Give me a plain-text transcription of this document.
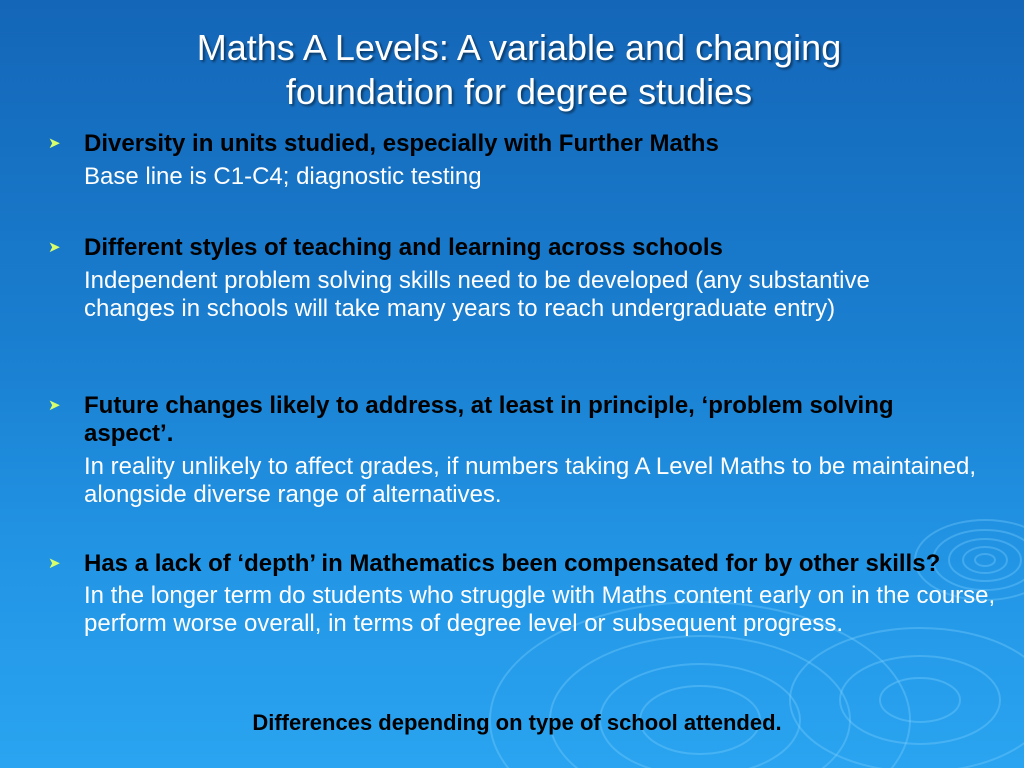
Maths A Levels: A variable and changing
foundation for degree studies
➤ Diversity in units studied, especially with Further Maths
Base line is C1-C4; diagnostic testing
➤ Different styles of teaching and learning across schools
Independent problem solving skills need to be developed (any substantive changes in schools will take many years to reach undergraduate entry)
➤ Future changes likely to address, at least in principle, ‘problem solving aspect’.
In reality unlikely to affect grades, if numbers taking A Level Maths to be maintained, alongside diverse range of alternatives.
➤ Has a lack of ‘depth’ in Mathematics been compensated for by other skills?
In the longer term do students who struggle with Maths content early on in the course, perform worse overall, in terms of degree level or subsequent progress.
Differences depending on type of school attended.
